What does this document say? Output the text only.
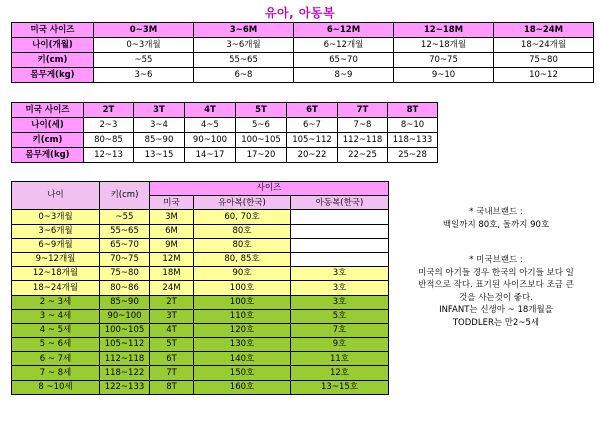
유아, 아동복
미국 사이즈	0~3M	3~6M	6~12M	12~18M	18~24M
나이(개월)	0~3개월	3~6개월	6~12개월	12~18개월	18~24개월
키(cm)	~55	55~65	65~70	70~75	75~80
몸무게(kg)	3~6	6~8	8~9	9~10	10~12
미국 사이즈	2T	3T	4T	5T	6T	7T	8T
나이(세)	2~3	3~4	4~5	5~6	6~7	7~8	8~10
키(cm)	80~85	85~90	90~100	100~105	105~112	112~118	118~133
몸무게(kg)	12~13	13~15	14~17	17~20	20~22	22~25	25~28
나이	키(cm)	사이즈		
		미국	유아복(한국)	아동복(한국)
0~3개월	~55	3M	60, 70호	
3~6개월	55~65	6M	80호	
6~9개월	65~70	9M	80호	
9~12개월	70~75	12M	80, 85호	
12~18개월	75~80	18M	90호	3호
18~24개월	80~86	24M	100호	3호
2 ~ 3세	85~90	2T	100호	3호
3 ~ 4세	90~100	3T	110호	5호
4 ~ 5세	100~105	4T	120호	7호
5 ~ 6세	105~112	5T	130호	9호
6 ~ 7세	112~118	6T	140호	11호
7 ~ 8세	118~122	7T	150호	12호
8 ~10세	122~133	8T	160호	13~15호
* 국내브랜드 :
백일까지 80호, 돌까지 90호
* 미국브랜드 :
미국의 아기들 경우 한국의 아기들 보다 일
반적으로 작다. 표기된 사이즈보다 조금 큰
것을 사는것이 좋다.
INFANT는 신생아 ~ 18개월을
TODDLER는 만2~5세
